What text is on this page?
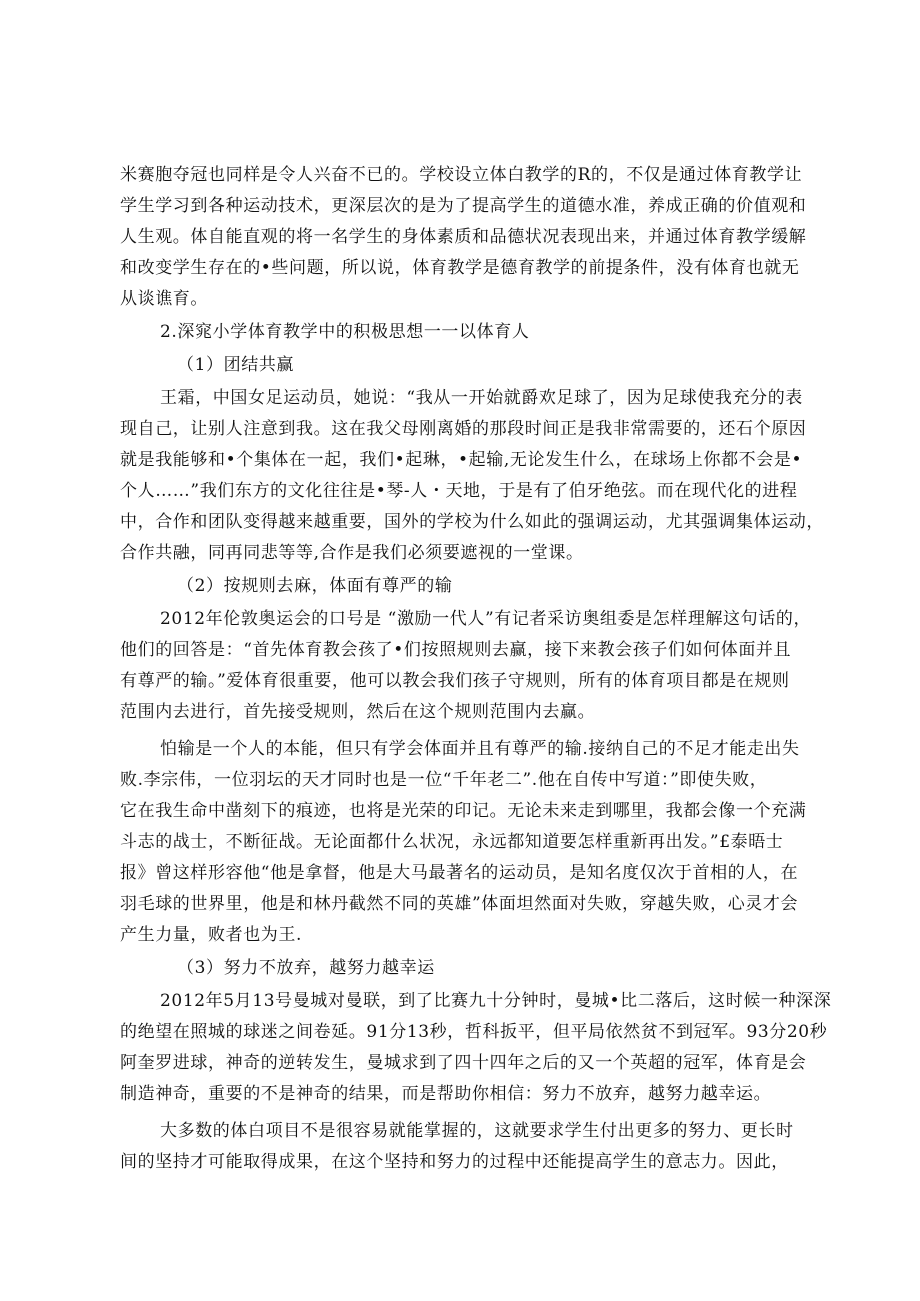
米赛胞夺冠也同样是令人兴奋不已的。学校设立体白教学的R的，不仅是通过体育教学让
学生学习到各种运动技术，更深层次的是为了提高学生的道德水准，养成正确的价值观和
人生观。体自能直观的将一名学生的身体素质和品德状况表现出来，并通过体育教学缓解
和改变学生存在的•些问题，所以说，体育教学是德育教学的前提条件，没有体育也就无
从谈谯育。
2.深窕小学体育教学中的积极思想一一以体育人
（1）团结共赢
王霜，中国女足运动员，她说：“我从一开始就爵欢足球了，因为足球使我充分的表
现自己，让别人注意到我。这在我父母刚离婚的那段时间正是我非常需要的，还石个原因
就是我能够和•个集体在一起，我们•起琳，•起输,无论发生什么，在球场上你都不会是•
个人……”我们东方的文化往往是•琴-人・天地，于是有了伯牙绝弦。而在现代化的进程
中，合作和团队变得越来越重要，国外的学校为什么如此的强调运动，尤其强调集体运动，
合作共融，同再同悲等等,合作是我们必须要遮视的一堂课。
（2）按规则去麻，体面有尊严的输
2012年伦敦奥运会的口号是 “激励一代人”有记者采访奥组委是怎样理解这句话的，
他们的回答是：“首先体育教会孩了•们按照规则去赢，接下来教会孩子们如何体面并且
有尊严的输。”爱体育很重要，他可以教会我们孩子守规则，所有的体育项目都是在规则
范围内去进行，首先接受规则，然后在这个规则范围内去赢。
怕输是一个人的本能，但只有学会体面并且有尊严的输.接纳自己的不足才能走出失
败.李宗伟，一位羽坛的天才同时也是一位“千年老二”.他在自传中写道：”即使失败，
它在我生命中凿刻下的痕迹，也将是光荣的印记。无论未来走到哪里，我都会像一个充满
斗志的战士，不断征战。无论面都什么状况，永远都知道要怎样重新再出发。”£泰晤士
报》曾这样形容他“他是拿督，他是大马最著名的运动员，是知名度仅次于首相的人，在
羽毛球的世界里，他是和林丹截然不同的英雄”体面坦然面对失败，穿越失败，心灵才会
产生力量，败者也为王.
（3）努力不放弃，越努力越幸运
2012年5月13号曼城对曼联，到了比赛九十分钟时，曼城•比二落后，这时候一种深深
的绝望在照城的球迷之间卷延。91分13秒，哲科扳平，但平局依然贫不到冠军。93分20秒
阿奎罗进球，神奇的逆转发生，曼城求到了四十四年之后的又一个英超的冠军，体育是会
制造神奇，重要的不是神奇的结果，而是帮助你相信：努力不放弃，越努力越幸运。
大多数的体白项目不是很容易就能掌握的，这就要求学生付出更多的努力、更长时
间的坚持才可能取得成果，在这个坚持和努力的过程中还能提高学生的意志力。因此，
